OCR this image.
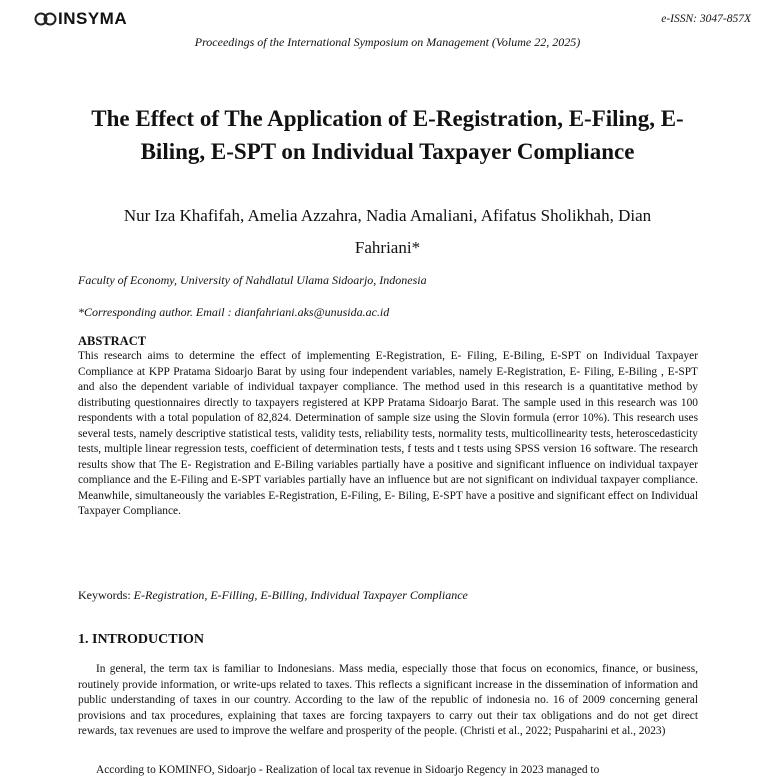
INSYMA	e-ISSN: 3047-857X
Proceedings of the International Symposium on Management (Volume 22, 2025)
The Effect of The Application of E-Registration, E-Filing, E-Biling, E-SPT on Individual Taxpayer Compliance
Nur Iza Khafifah, Amelia Azzahra, Nadia Amaliani, Afifatus Sholikhah, Dian Fahriani*
Faculty of Economy, University of Nahdlatul Ulama Sidoarjo, Indonesia
*Corresponding author. Email : dianfahriani.aks@unusida.ac.id
ABSTRACT
This research aims to determine the effect of implementing E-Registration, E- Filing, E-Biling, E-SPT on Individual Taxpayer Compliance at KPP Pratama Sidoarjo Barat by using four independent variables, namely E-Registration, E- Filing, E-Biling , E-SPT and also the dependent variable of individual taxpayer compliance. The method used in this research is a quantitative method by distributing questionnaires directly to taxpayers registered at KPP Pratama Sidoarjo Barat. The sample used in this research was 100 respondents with a total population of 82,824. Determination of sample size using the Slovin formula (error 10%). This research uses several tests, namely descriptive statistical tests, validity tests, reliability tests, normality tests, multicollinearity tests, heteroscedasticity tests, multiple linear regression tests, coefficient of determination tests, f tests and t tests using SPSS version 16 software. The research results show that The E- Registration and E-Biling variables partially have a positive and significant influence on individual taxpayer compliance and the E-Filing and E-SPT variables partially have an influence but are not significant on individual taxpayer compliance. Meanwhile, simultaneously the variables E-Registration, E-Filing, E- Biling, E-SPT have a positive and significant effect on Individual Taxpayer Compliance.
Keywords: E-Registration, E-Filling, E-Billing, Individual Taxpayer Compliance
1. INTRODUCTION
In general, the term tax is familiar to Indonesians. Mass media, especially those that focus on economics, finance, or business, routinely provide information, or write-ups related to taxes. This reflects a significant increase in the dissemination of information and public understanding of taxes in our country. According to the law of the republic of indonesia no. 16 of 2009 concerning general provisions and tax procedures, explaining that taxes are forcing taxpayers to carry out their tax obligations and do not get direct rewards, tax revenues are used to improve the welfare and prosperity of the people. (Christi et al., 2022; Puspaharini et al., 2023)
According to KOMINFO, Sidoarjo - Realization of local tax revenue in Sidoarjo Regency in 2023 managed to
